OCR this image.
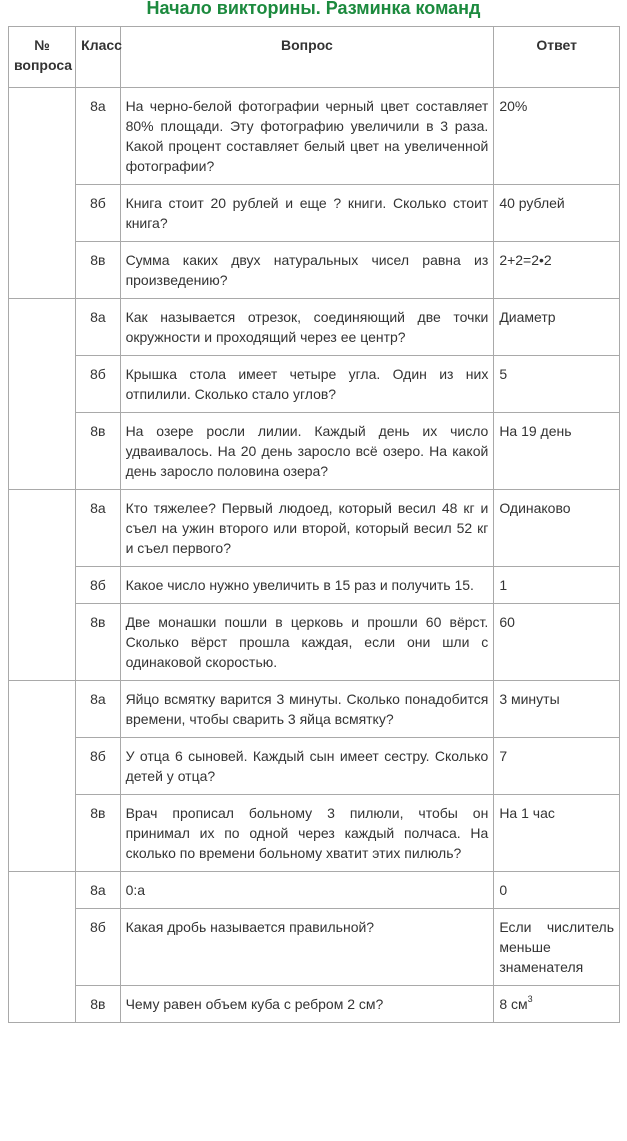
Начало викторины. Разминка команд
№ вопроса	Класс	Вопрос	Ответ
	8а	На черно-белой фотографии черный цвет составляет 80% площади. Эту фотографию увеличили в 3 раза. Какой процент составляет белый цвет на увеличенной фотографии?	20%
	8б	Книга стоит 20 рублей и еще ? книги. Сколько стоит книга?	40 рублей
	8в	Сумма каких двух натуральных чисел равна из произведению?	2+2=2•2
	8а	Как называется отрезок, соединяющий две точки окружности и проходящий через ее центр?	Диаметр
	8б	Крышка стола имеет четыре угла. Один из них отпилили. Сколько стало углов?	5
	8в	На озере росли лилии. Каждый день их число удваивалось. На 20 день заросло всё озеро. На какой день заросло половина озера?	На 19 день
	8а	Кто тяжелее? Первый людоед, который весил 48 кг и съел на ужин второго или второй, который весил 52 кг и съел первого?	Одинаково
	8б	Какое число нужно увеличить в 15 раз и получить 15.	1
	8в	Две монашки пошли в церковь и прошли 60 вёрст. Сколько вёрст прошла каждая, если они шли с одинаковой скоростью.	60
	8а	Яйцо всмятку варится 3 минуты. Сколько понадобится времени, чтобы сварить 3 яйца всмятку?	3 минуты
	8б	У отца 6 сыновей. Каждый сын имеет сестру. Сколько детей у отца?	7
	8в	Врач прописал больному 3 пилюли, чтобы он принимал их по одной через каждый полчаса. На сколько по времени больному хватит этих пилюль?	На 1 час
	8а	0:а	0
	8б	Какая дробь называется правильной?	Если числитель меньше знаменателя
	8в	Чему равен объем куба с ребром 2 см?	8 $см^3$
